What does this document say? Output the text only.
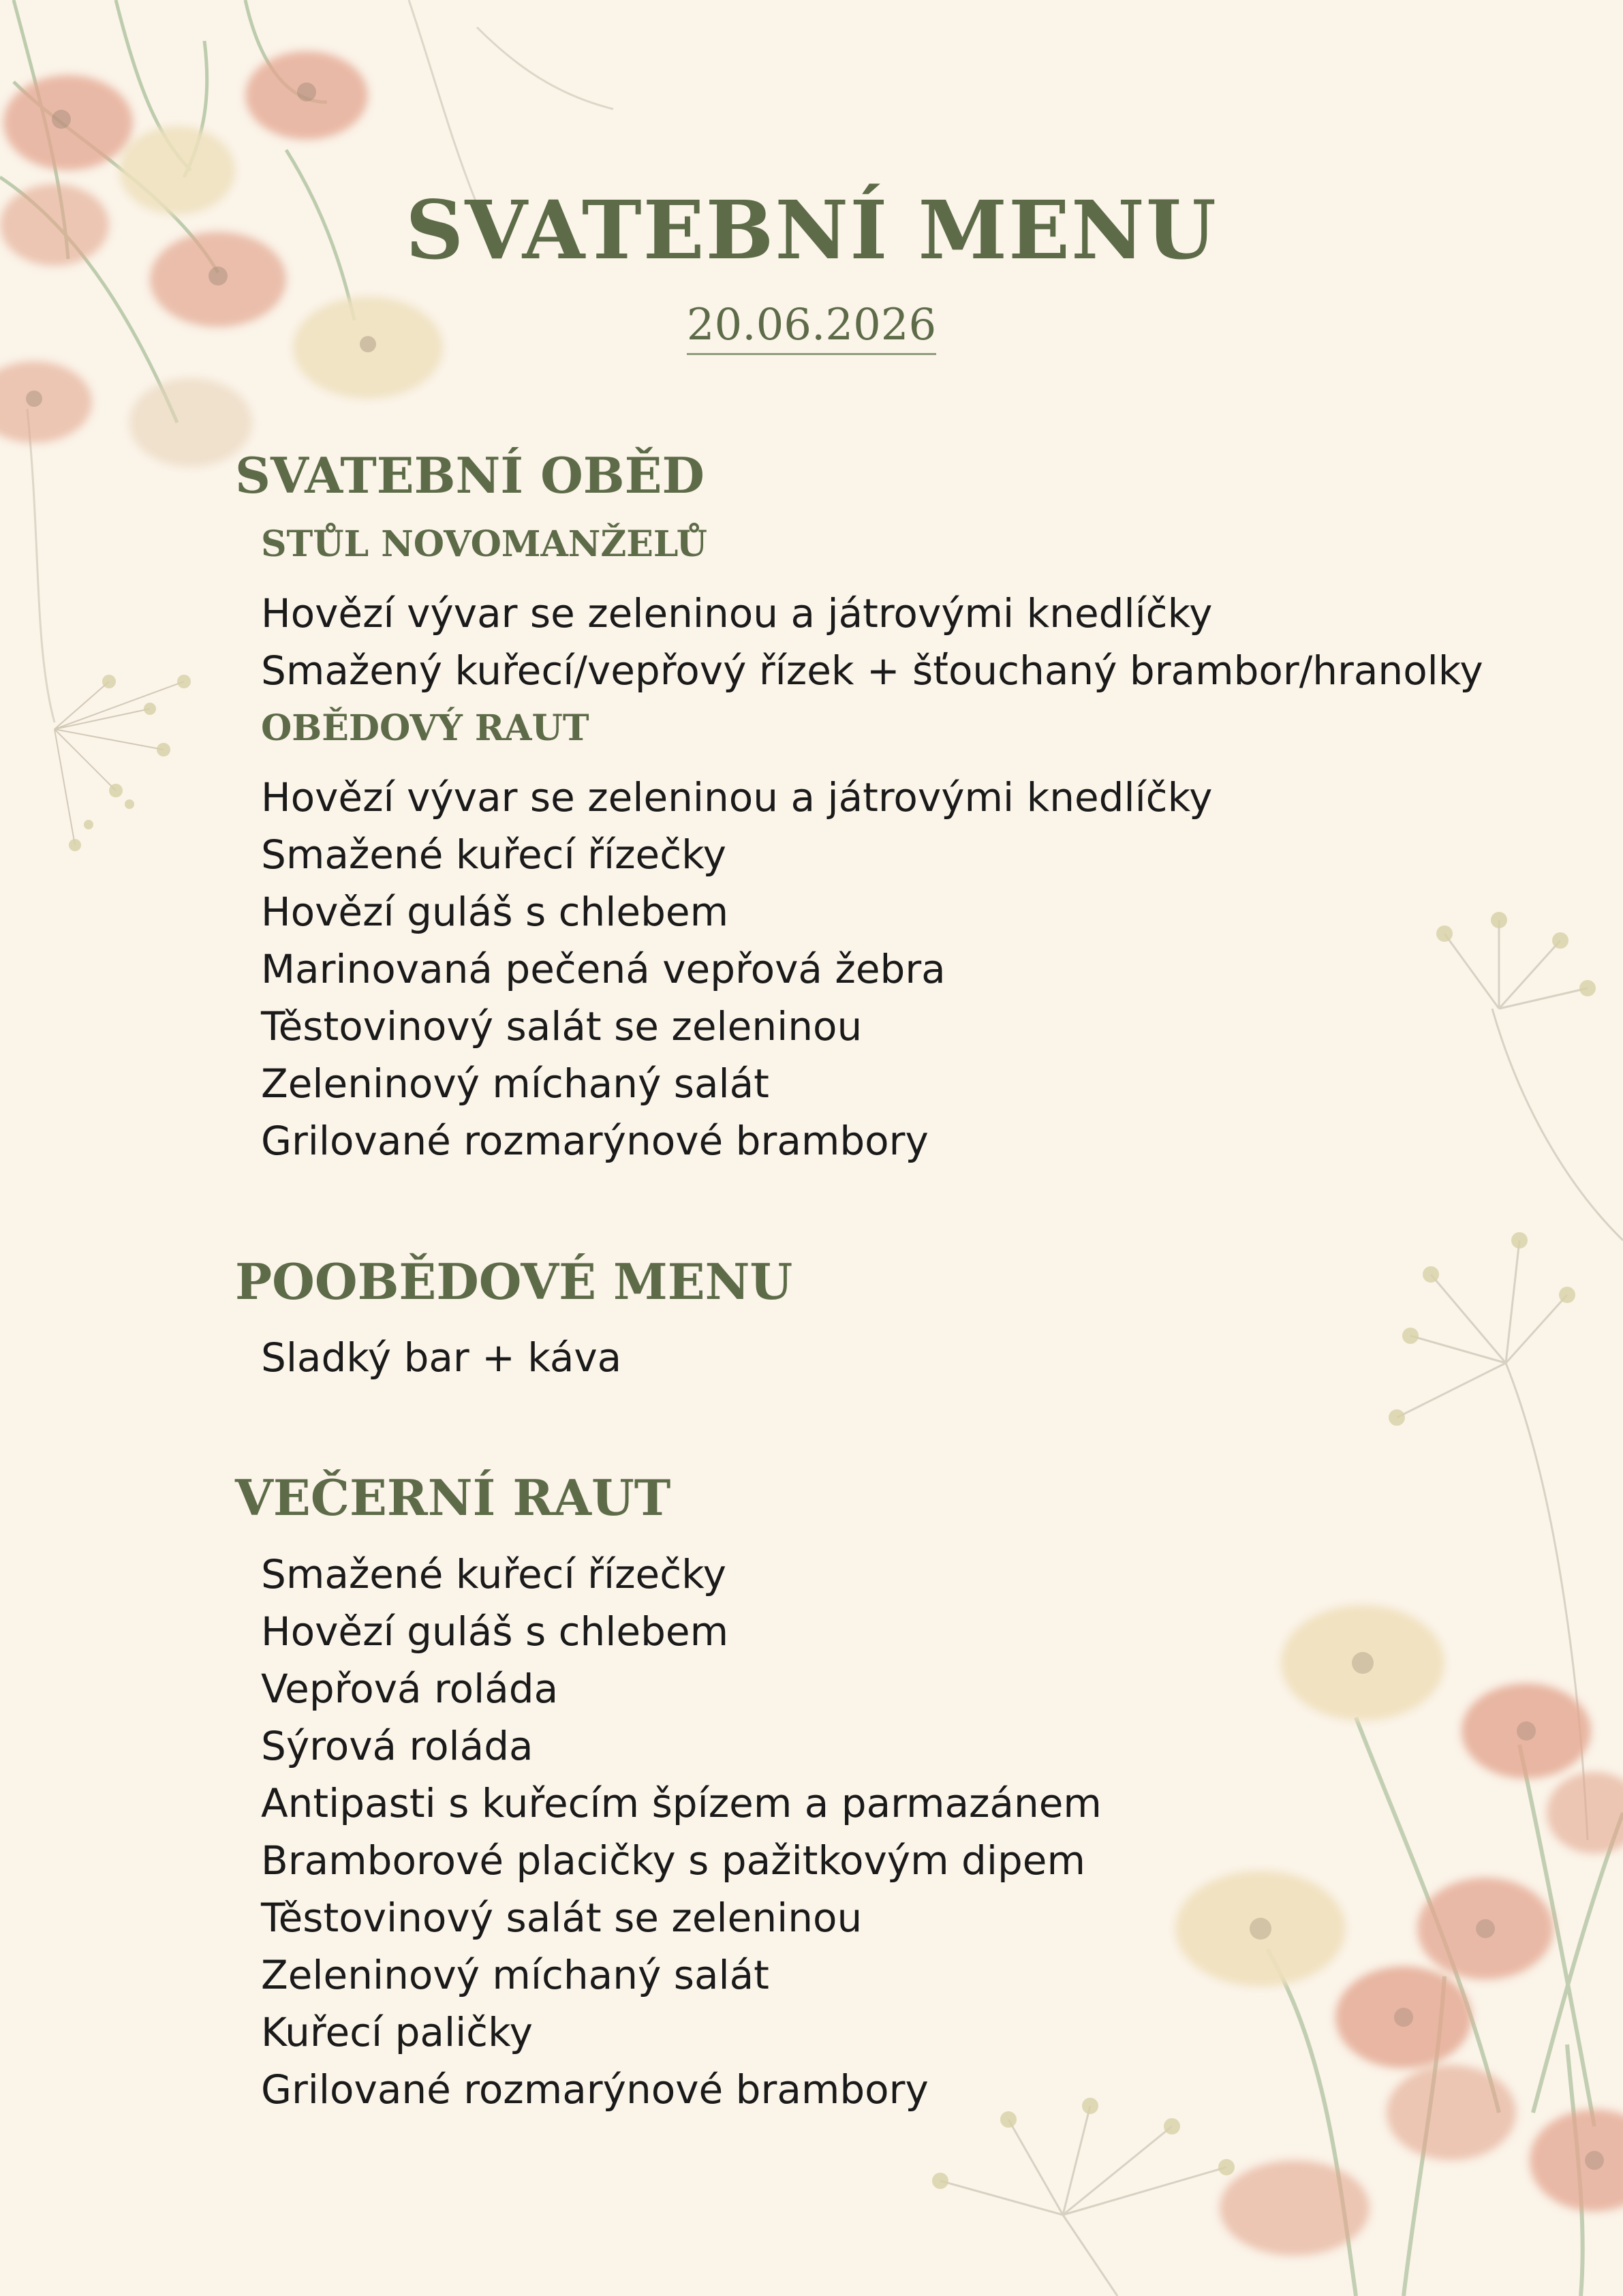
SVATEBNÍ MENU
20.06.2026
SVATEBNÍ OBĚD
STŮL NOVOMANŽELŮ
Hovězí vývar se zeleninou a játrovými knedlíčky
Smažený kuřecí/vepřový řízek + šťouchaný brambor/hranolky
OBĚDOVÝ RAUT
Hovězí vývar se zeleninou a játrovými knedlíčky
Smažené kuřecí řízečky
Hovězí guláš s chlebem
Marinovaná pečená vepřová žebra
Těstovinový salát se zeleninou
Zeleninový míchaný salát
Grilované rozmarýnové brambory
POOBĚDOVÉ MENU
Sladký bar + káva
VEČERNÍ RAUT
Smažené kuřecí řízečky
Hovězí guláš s chlebem
Vepřová roláda
Sýrová roláda
Antipasti s kuřecím špízem a parmazánem
Bramborové placičky s pažitkovým dipem
Těstovinový salát se zeleninou
Zeleninový míchaný salát
Kuřecí paličky
Grilované rozmarýnové brambory
